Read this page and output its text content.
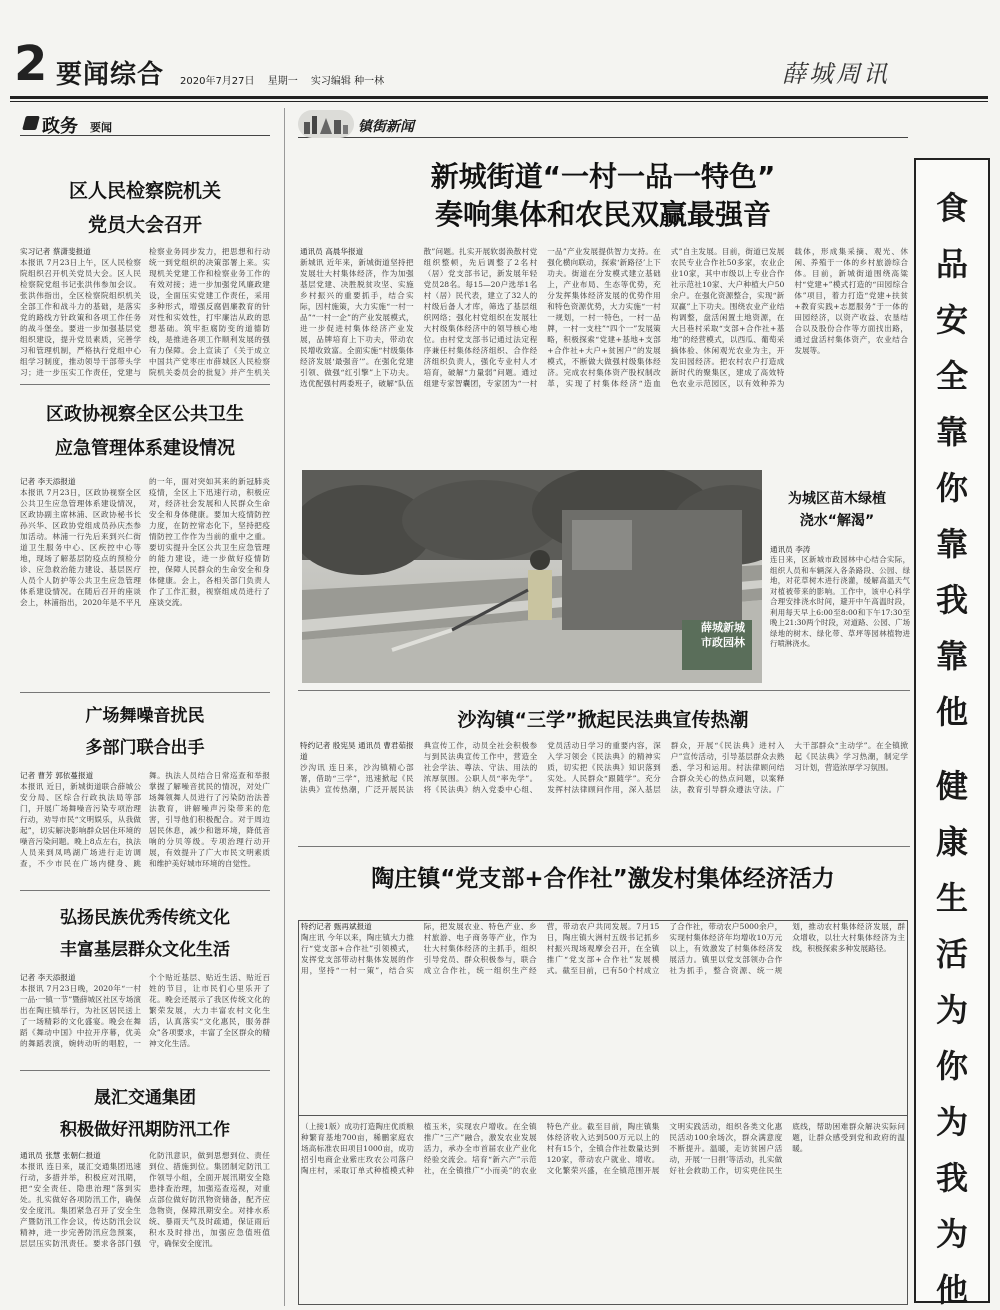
2 要闻综合 2020年7月27日 星期一 实习编辑 种一林	薛城周讯
政务 要闻	镇街新闻
区人民检察院机关
党员大会召开
实习记者 蔡潇斐报道
本报讯 7月23日上午，区人民检察院组织召开机关党员大会。区人民检察院党组书记张洪伟参加会议。张洪伟指出，全区检察院组织机关全部工作和战斗力的基础，是落实党的路线方针政策和各项工作任务的战斗堡垒。要进一步加强基层党组织建设，提升党员素质，完善学习和管理机制，严格执行党组中心组学习制度，推动领导干部带头学习；进一步压实工作责任，党建与检察业务同步发力，把思想和行动统一到党组织的决策部署上来。实现机关党建工作和检察业务工作的有效对接；进一步加强党风廉政建设，全面压实党建工作责任，采用多种形式，增强反腐倡廉教育的针对性和实效性，打牢廉洁从政的思想基础。筑牢拒腐防变的道德防线，是推进各项工作顺利发展的强有力保障。会上宣读了《关于成立中国共产党枣庄市薛城区人民检察院机关委员会的批复》并产生机关
区政协视察全区公共卫生
应急管理体系建设情况
记者 李天添报道
本报讯 7月23日，区政协视察全区公共卫生应急管理体系建设情况，区政协副主席林浦、区政协秘书长孙兴华、区政协党组成员孙庆杰参加活动。林浦一行先后来到兴仁街道卫生服务中心、区疾控中心等地，现场了解基层防疫点的预检分诊、应急救治能力建设、基层医疗人员个人防护等公共卫生应急管理体系建设情况。在随后召开的座谈会上，林浦指出，2020年是不平凡的一年，面对突如其来的新冠肺炎疫情，全区上下迅速行动，积极应对，经济社会发展和人民群众生命安全和身体健康。要加大疫情防控力度，在防控常态化下，坚持把疫情防控工作作为当前的重中之重。要切实提升全区公共卫生应急管理的能力建设，进一步做好疫情防控，保障人民群众的生命安全和身体健康。会上，各相关部门负责人作了工作汇报，视察组成员进行了座谈交流。
广场舞噪音扰民
多部门联合出手
记者 曹芳 郭依蔓报道
本报讯 近日，新城街道联合薛城公安分局、区综合行政执法局等部门，开展广场舞噪音污染专项治理行动，劝导市民“文明娱乐，从我做起”，切实解决影响群众居住环境的噪音污染问题。晚上8点左右，执法人员来到凤鸣湖广场进行走访调查，不少市民在广场内健身、跳舞。执法人员结合日常巡查和举报掌握了解噪音扰民的情况，对处广场舞领舞人员进行了污染防治法普法教育，讲解噪声污染带来的危害，引导他们积极配合。对于周边居民休息，减少和谐环境，降低音响的分贝等级。专项治理行动开展，有效提升了广大市民文明素质和维护美好城市环境的自觉性。
弘扬民族优秀传统文化
丰富基层群众文化生活
记者 李天添报道
本报讯 7月23日晚，2020年“一村一品·一镇一节”暨薛城区社区专场演出在陶庄镇举行，为社区居民送上了一场精彩的文化盛宴。晚会在舞蹈《舞动中国》中拉开序幕，优美的舞蹈表演，婉转动听的唱腔，一个个贴近基层、贴近生活、贴近百姓的节目，让市民们心里乐开了花。晚会还展示了我区传统文化的繁荣发展，大力丰富农村文化生活，认真落实“文化惠民，服务群众”各项要求，丰富了全区群众的精神文化生活。
晟汇交通集团
积极做好汛期防汛工作
通讯员 张慧 张朝仁报道
本报讯 连日来，晟汇交通集团迅速行动，多措并举，积极应对汛期，把“安全责任、隐患治理”落到实处。扎实做好各项防汛工作，确保安全度汛。集团紧急召开了安全生产暨防汛工作会议，传达防汛会议精神，进一步完善防汛应急预案，层层压实防汛责任。要求各部门强化防汛意识，做到思想到位、责任到位、措施到位。集团制定防汛工作领导小组，全面开展汛期安全隐患排查治理，加强巡查巡视，对重点部位做好防汛物资储备，配齐应急物资，保障汛期安全。对排水系统、暴雨天气及时疏通，保证雨后积水及时排出，加强应急值班值守，确保安全度汛。
新城街道“一村一品一特色”
奏响集体和农民双赢最强音
通讯员 高晨华报道
新城讯 近年来，新城街道坚持把发展壮大村集体经济，作为加强基层党建、决胜脱贫攻坚、实施乡村振兴的重要抓手，结合实际，因村施策，大力实施“一村一品”“一村一企”的产业发展模式，进一步促进村集体经济产业发展，品牌培育上下功夫，带动农民增收致富。全面实施“村级集体经济发展‘最强音’”。在强化党建引领、做强“红引擎”上下功夫。选优配强村两委班子，破解“队伍散”问题。扎实开展软弱涣散村党组织整顿，先后调整了2名村（居）党支部书记，新发展年轻党员28名。每15—20户选举1名村（居）民代表，建立了32人的村级后备人才库，筛选了基层组织网络；强化村党组织在发展壮大村级集体经济中的领导核心地位。由村党支部书记通过法定程序兼任村集体经济组织、合作经济组织负责人，强化专业村人才培育，破解“力量弱”问题。通过组建专家智囊团，专家团为“一村一品”产业发展提供智力支持。在强化横向联动，探索‘新路径’上下功夫。街道在分发模式建立基础上，产业布局、生态等优势，充分发挥集体经济发展的优势作用和特色资源优势，大力实施“一村一规划，一村一特色，一村一品牌，一村一支柱”“四个一”发展策略，积极探索“党建+基地+支部+合作社+大户+贫困户”的发展模式，不断做大做强村级集体经济。完成农村集体资产股权制改革，实现了村集体经济“造血式”自主发展。目前，街道已发展农民专业合作社50多家，农业企业10家，其中市级以上专业合作社示范社10家、大户种植大户50余户。在强化资源整合，实现“新双赢”上下功夫。围绕农业产业结构调整，盘活闲置土地资源，在大吕巷村采取“支部+合作社+基地”的经营模式，以西瓜、葡萄采摘体验、休闲观光农业为主，开发田园经济。把农村农户打造成新时代的聚集区，建成了高效特色农业示范园区，以有效种养为载体，形成集采摘、观光、休闲、养殖于一体的乡村旅游综合体。目前，新城街道围绕高粱村“党建+”模式打造的“田园综合体”项目，着力打造“党建+扶贫+教育实践+志愿服务”于一体的田园经济，以资产收益、农垦结合以及股份合作等方面找出路，通过盘活村集体资产，农业结合发展等。
薛城新城
市政园林
为城区苗木绿植
浇水“解渴”
通讯员 李涛
连日来，区新城市政园林中心结合实际，组织人员和车辆深入各条路段、公园、绿地，对花草树木进行浇灌，缓解高温天气对植被带来的影响。工作中，该中心科学合理安排浇水时间，避开中午高温时段，利用每天早上6:00至8:00和下午17:30至晚上21:30两个时段，对道路、公园、广场绿地的树木、绿化带、草坪等园林植物进行喷淋浇水。
沙沟镇“三学”掀起民法典宣传热潮
特约记者 殷宪昊 通讯员 曹君茹报道
沙沟讯 连日来，沙沟镇精心部署，借助“三学”，迅速掀起《民法典》宣传热潮，广泛开展民法典宣传工作，动员全社会积极参与到民法典宣传工作中，营造全社会学法、尊法、守法、用法的浓厚氛围。公职人员“率先学”。将《民法典》纳入党委中心组、党员活动日学习的重要内容，深入学习领会《民法典》的精神实质，切实把《民法典》知识落到实处。人民群众“跟随学”。充分发挥村法律顾问作用，深入基层群众，开展“《民法典》进村入户”宣传活动，引导基层群众去熟悉、学习和运用。村法律顾问结合群众关心的热点问题，以案释法，教育引导群众遵法守法。广大干部群众“主动学”。在全镇掀起《民法典》学习热潮，制定学习计划，营造浓厚学习氛围。
陶庄镇“党支部+合作社”激发村集体经济活力
特约记者 甄再斌报道
陶庄讯 今年以来，陶庄镇大力推行“党支部+合作社”引领模式，发挥党支部带动村集体发展的作用，坚持“一村一策”，结合实际，把发展农业、特色产业、乡村旅游、电子商务等产业，作为壮大村集体经济的主抓手，组织引导党员、群众积极参与，联合成立合作社，统一组织生产经营，带动农户共同发展。7月15日，陶庄镇大洲村五级书记抓乡村振兴现场观摩会召开，在全镇推广“党支部+合作社”发展模式。截至目前，已有50个村成立了合作社，带动农户5000余户，实现村集体经济年均增收10万元以上，有效激发了村集体经济发展活力。镇里以党支部领办合作社为抓手，整合资源、统一规划，推动农村集体经济发展，群众增收，以壮大村集体经济为主线，积极探索多种发展路径。
（上接1版）成功打造陶庄优质粮种繁育基地700亩，稀鹏家庭农场高标准农田项目1000亩，成功招引电商企业紫庄玫农公司落户陶庄村，采取订单式种植模式种植玉米，实现农户增收。在全镇推广“三产”融合，激发农业发展活力，承办全市首届农业产业化经验交流会。培育“新六产”示范社，在全镇推广“小而美”的农业特色产业。截至目前，陶庄镇集体经济收入达到500万元以上的村有15个，全镇合作社数量达到120家，带动农户就业、增收。文化繁荣兴盛，在全镇范围开展文明实践活动，组织各类文化惠民活动100余场次，群众满意度不断提升。温暖，走访贫困户活动，开展‘一日捐’等活动，扎实做好社会救助工作，切实兜住民生底线，帮助困难群众解决实际问题，让群众感受到党和政府的温暖。
食
品
安
全
靠
你
靠
我
靠
他
健
康
生
活
为
你
为
我
为
他
